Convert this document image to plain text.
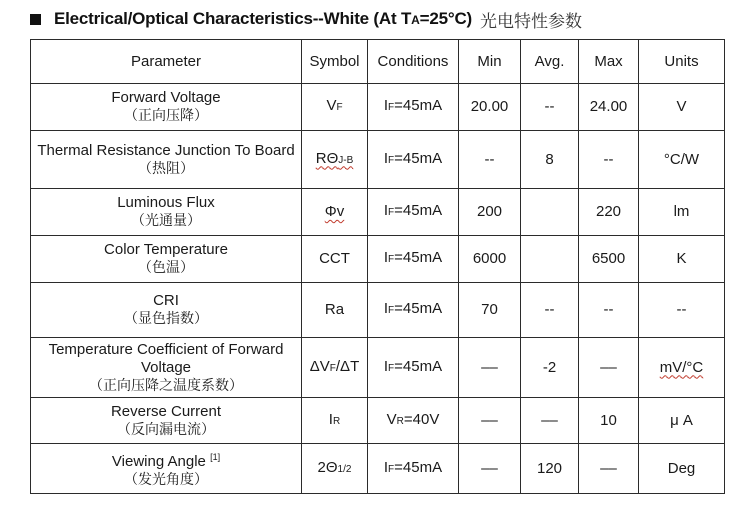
Electrical/Optical Characteristics--White (At TA=25°C) 光电特性参数
Parameter	Symbol	Conditions	Min	Avg.	Max	Units

Forward Voltage
（正向压降）	VF	IF=45mA	20.00	--	24.00	V

Thermal Resistance Junction To Board
（热阻）	RΘJ-B	IF=45mA	--	8	--	°C/W

Luminous Flux
（光通量）	Φv	IF=45mA	200		220	lm

Color Temperature
（色温）	CCT	IF=45mA	6000		6500	K

CRI
（显色指数）	Ra	IF=45mA	70	--	--	--

Temperature Coefficient of Forward Voltage
（正向压降之温度系数）	ΔVF/ΔT	IF=45mA	––	-2	––	mV/°C

Reverse Current
（反向漏电流）	IR	VR=40V	––	––	10	μ A

Viewing Angle [1]
（发光角度）	2Θ1/2	IF=45mA	––	120	––	Deg
